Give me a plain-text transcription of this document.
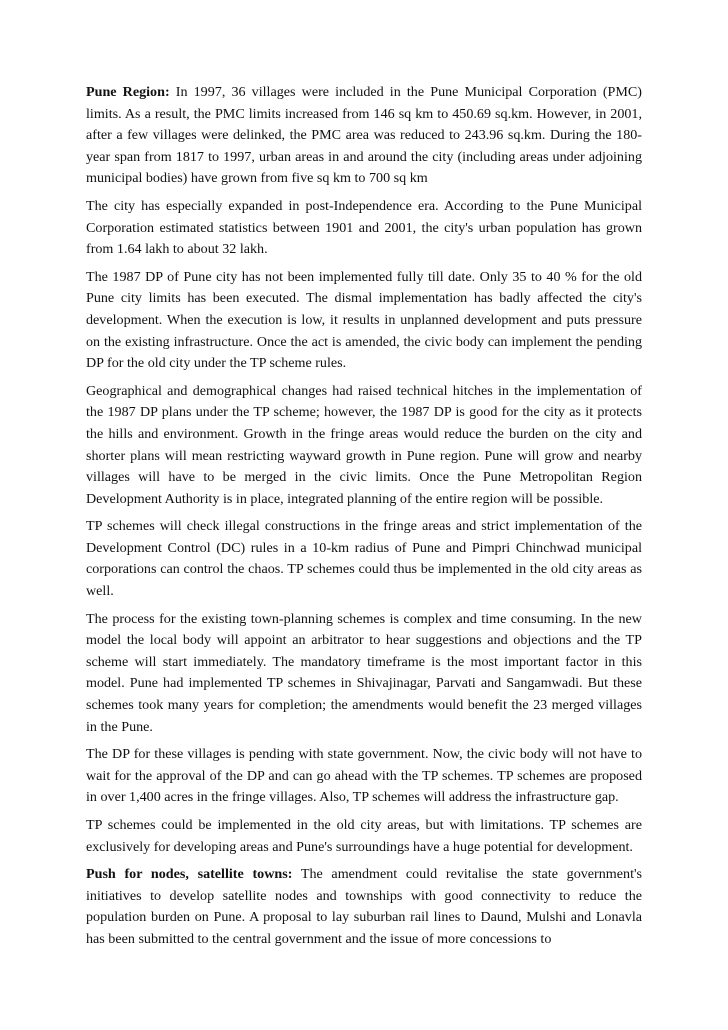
Pune Region: In 1997, 36 villages were included in the Pune Municipal Corporation (PMC) limits. As a result, the PMC limits increased from 146 sq km to 450.69 sq.km. However, in 2001, after a few villages were delinked, the PMC area was reduced to 243.96 sq.km. During the 180-year span from 1817 to 1997, urban areas in and around the city (including areas under adjoining municipal bodies) have grown from five sq km to 700 sq km

The city has especially expanded in post-Independence era. According to the Pune Municipal Corporation estimated statistics between 1901 and 2001, the city's urban population has grown from 1.64 lakh to about 32 lakh.

The 1987 DP of Pune city has not been implemented fully till date. Only 35 to 40 % for the old Pune city limits has been executed. The dismal implementation has badly affected the city's development. When the execution is low, it results in unplanned development and puts pressure on the existing infrastructure. Once the act is amended, the civic body can implement the pending DP for the old city under the TP scheme rules.

Geographical and demographical changes had raised technical hitches in the implementation of the 1987 DP plans under the TP scheme; however, the 1987 DP is good for the city as it protects the hills and environment. Growth in the fringe areas would reduce the burden on the city and shorter plans will mean restricting wayward growth in Pune region. Pune will grow and nearby villages will have to be merged in the civic limits. Once the Pune Metropolitan Region Development Authority is in place, integrated planning of the entire region will be possible.

TP schemes will check illegal constructions in the fringe areas and strict implementation of the Development Control (DC) rules in a 10-km radius of Pune and Pimpri Chinchwad municipal corporations can control the chaos. TP schemes could thus be implemented in the old city areas as well.

The process for the existing town-planning schemes is complex and time consuming. In the new model the local body will appoint an arbitrator to hear suggestions and objections and the TP scheme will start immediately. The mandatory timeframe is the most important factor in this model. Pune had implemented TP schemes in Shivajinagar, Parvati and Sangamwadi. But these schemes took many years for completion; the amendments would benefit the 23 merged villages in the Pune.

The DP for these villages is pending with state government. Now, the civic body will not have to wait for the approval of the DP and can go ahead with the TP schemes. TP schemes are proposed in over 1,400 acres in the fringe villages. Also, TP schemes will address the infrastructure gap.

TP schemes could be implemented in the old city areas, but with limitations. TP schemes are exclusively for developing areas and Pune's surroundings have a huge potential for development.

Push for nodes, satellite towns: The amendment could revitalise the state government's initiatives to develop satellite nodes and townships with good connectivity to reduce the population burden on Pune. A proposal to lay suburban rail lines to Daund, Mulshi and Lonavla has been submitted to the central government and the issue of more concessions to
